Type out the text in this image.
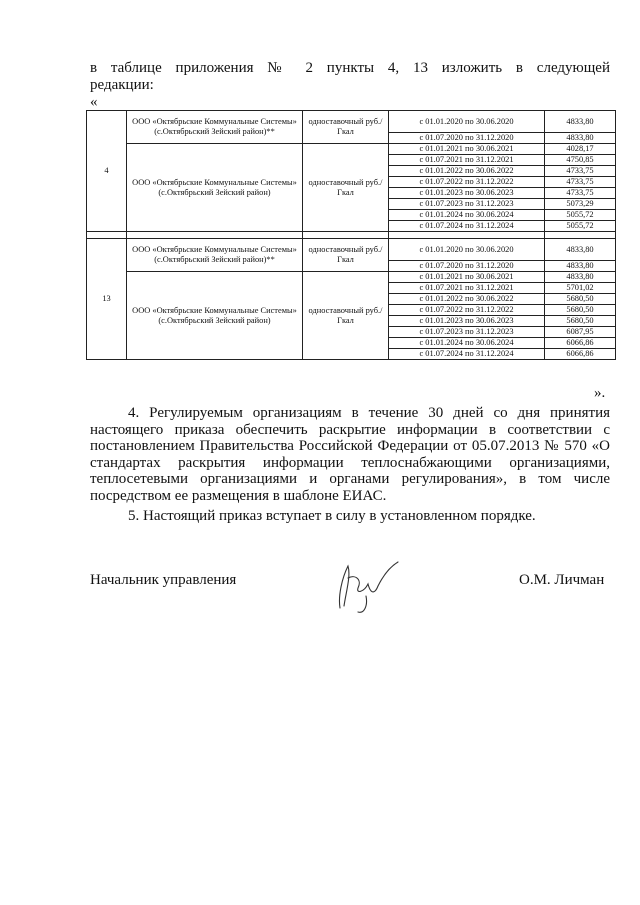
в таблице приложения № 2 пункты 4, 13 изложить в следующей
редакции:
«
4	ООО «Октябрьские Коммунальные Системы» (с.Октябрьский Зейский район)**	одноставочный руб./Гкал	с 01.01.2020 по 30.06.2020	4833,80
			с 01.07.2020 по 31.12.2020	4833,80
	ООО «Октябрьские Коммунальные Системы» (с.Октябрьский Зейский район)	одноставочный руб./Гкал	с 01.01.2021 по 30.06.2021	4028,17
			с 01.07.2021 по 31.12.2021	4750,85
			с 01.01.2022 по 30.06.2022	4733,75
			с 01.07.2022 по 31.12.2022	4733,75
			с 01.01.2023 по 30.06.2023	4733,75
			с 01.07.2023 по 31.12.2023	5073,29
			с 01.01.2024 по 30.06.2024	5055,72
			с 01.07.2024 по 31.12.2024	5055,72

13	ООО «Октябрьские Коммунальные Системы» (с.Октябрьский Зейский район)**	одноставочный руб./Гкал	с 01.01.2020 по 30.06.2020	4833,80
			с 01.07.2020 по 31.12.2020	4833,80
	ООО «Октябрьские Коммунальные Системы» (с.Октябрьский Зейский район)	одноставочный руб./Гкал	с 01.01.2021 по 30.06.2021	4833,80
			с 01.07.2021 по 31.12.2021	5701,02
			с 01.01.2022 по 30.06.2022	5680,50
			с 01.07.2022 по 31.12.2022	5680,50
			с 01.01.2023 по 30.06.2023	5680,50
			с 01.07.2023 по 31.12.2023	6087,95
			с 01.01.2024 по 30.06.2024	6066,86
			с 01.07.2024 по 31.12.2024	6066,86
».
4. Регулируемым организациям в течение 30 дней со дня принятия настоящего приказа обеспечить раскрытие информации в соответствии с постановлением Правительства Российской Федерации от 05.07.2013 № 570 «О стандартах раскрытия информации теплоснабжающими организациями, теплосетевыми организациями и органами регулирования», в том числе посредством ее размещения в шаблоне ЕИАС.
5. Настоящий приказ вступает в силу в установленном порядке.
Начальник управления	О.М. Личман
